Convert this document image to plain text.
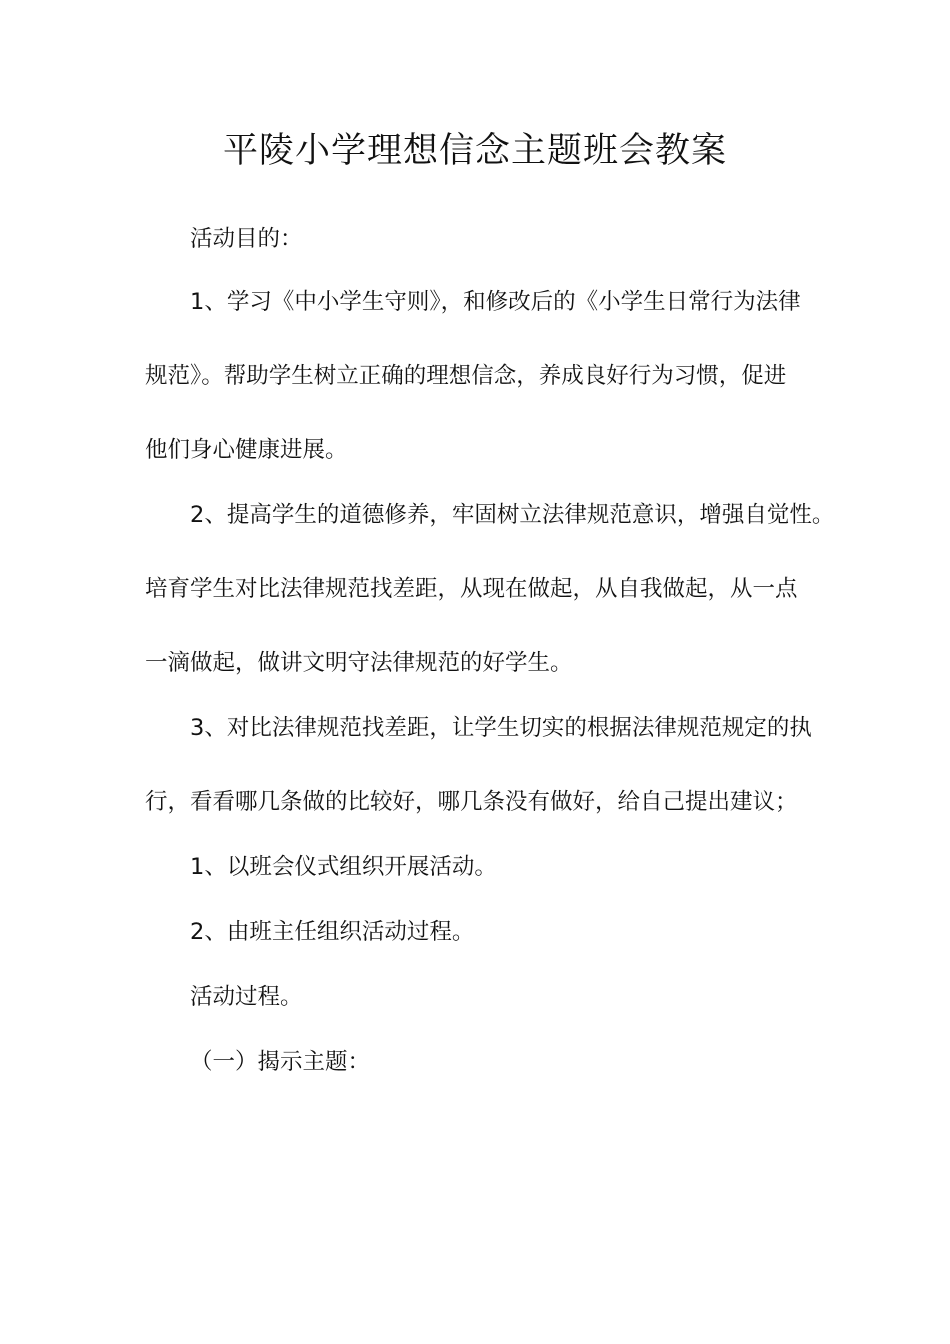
平陵小学理想信念主题班会教案
活动目的：
1、学习《中小学生守则》，和修改后的《小学生日常行为法律
规范》。帮助学生树立正确的理想信念，养成良好行为习惯，促进
他们身心健康进展。
2、提高学生的道德修养，牢固树立法律规范意识，增强自觉性。
培育学生对比法律规范找差距，从现在做起，从自我做起，从一点
一滴做起，做讲文明守法律规范的好学生。
3、对比法律规范找差距，让学生切实的根据法律规范规定的执
行，看看哪几条做的比较好，哪几条没有做好，给自己提出建议；
1、以班会仪式组织开展活动。
2、由班主任组织活动过程。
活动过程。
（一）揭示主题：
